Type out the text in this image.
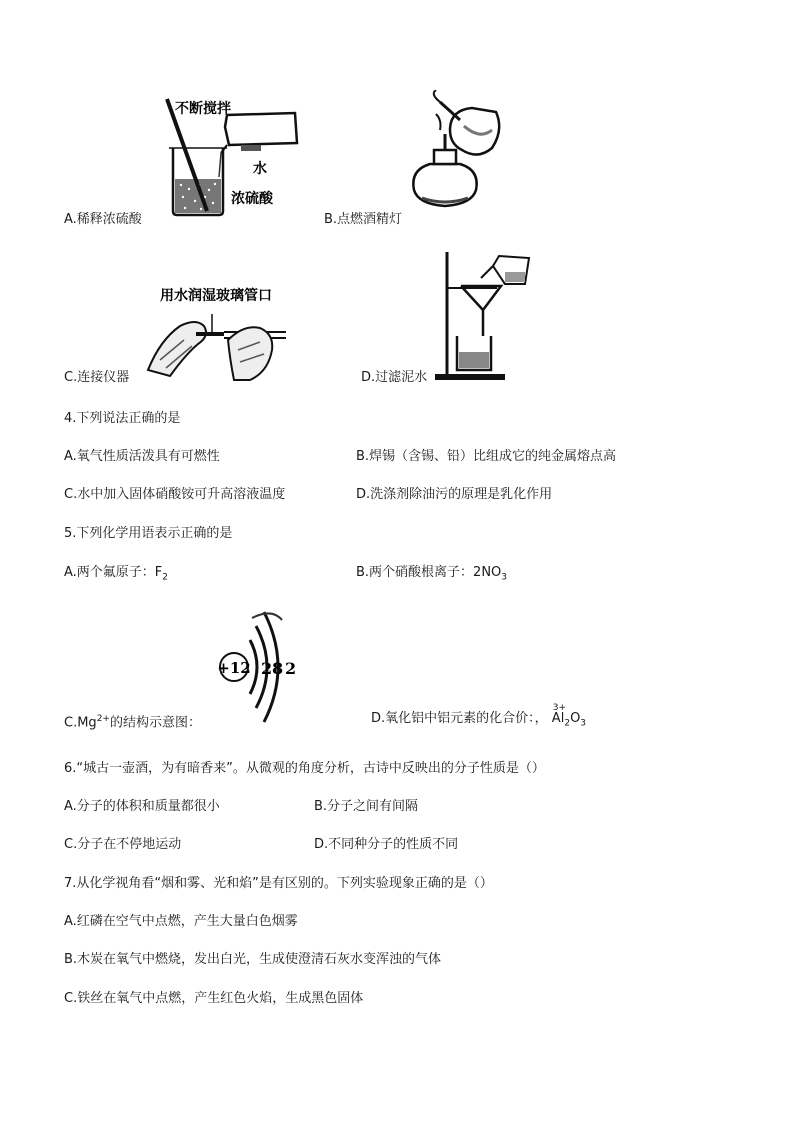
不断搅拌
水
浓硫酸
A.稀释浓硫酸	B.点燃酒精灯
用水润湿玻璃管口
C.连接仪器	D.过滤泥水
4.下列说法正确的是
A.氧气性质活泼具有可燃性	B.焊锡（含锡、铅）比组成它的纯金属熔点高
C.水中加入固体硝酸铵可升高溶液温度	D.洗涤剂除油污的原理是乳化作用
5.下列化学用语表示正确的是
A.两个氟原子：$F_2$	B.两个硝酸根离子：$2NO_3$
+12 2 8 2
$C.Mg^{2+}$的结构示意图：	D.氧化铝中铝元素的化合价：，
3+
$Al_2O_3$
6.“城古一壶酒，为有暗香来”。从微观的角度分析，古诗中反映出的分子性质是（）
A.分子的体积和质量都很小	B.分子之间有间隔
C.分子在不停地运动	D.不同种分子的性质不同
7.从化学视角看“烟和雾、光和焰”是有区别的。下列实验现象正确的是（）
A.红磷在空气中点燃，产生大量白色烟雾
B.木炭在氧气中燃烧，发出白光，生成使澄清石灰水变浑浊的气体
C.铁丝在氧气中点燃，产生红色火焰，生成黑色固体
